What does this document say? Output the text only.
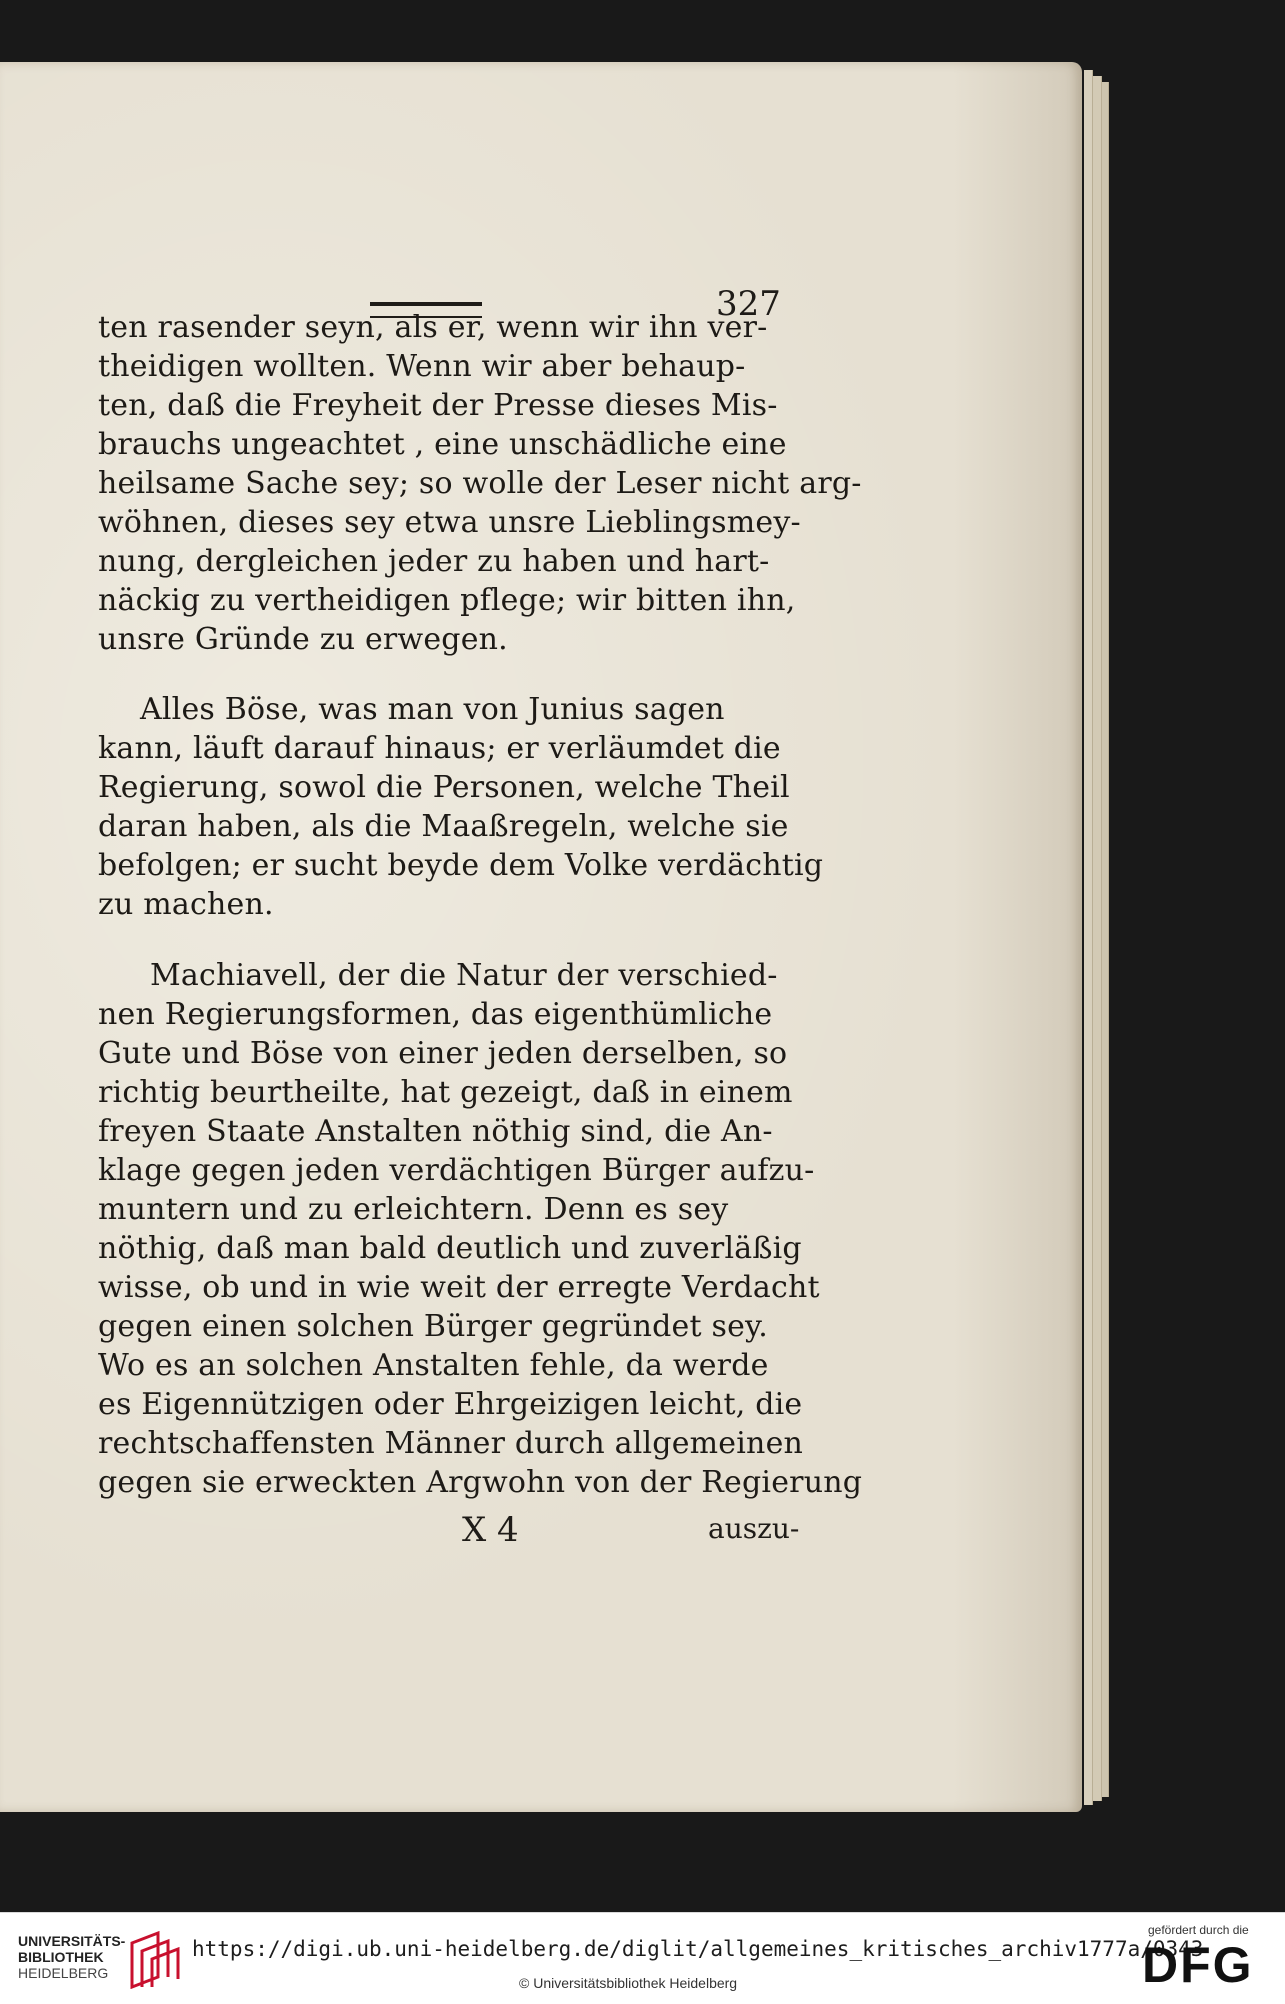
327
ten rasender seyn, als er, wenn wir ihn ver-
theidigen wollten. Wenn wir aber behaup-
ten, daß die Freyheit der Presse dieses Mis-
brauchs ungeachtet , eine unschädliche eine
heilsame Sache sey; so wolle der Leser nicht arg-
wöhnen, dieses sey etwa unsre Lieblingsmey-
nung, dergleichen jeder zu haben und hart-
näckig zu vertheidigen pflege; wir bitten ihn,
unsre Gründe zu erwegen.
Alles Böse, was man von Junius sagen
kann, läuft darauf hinaus; er verläumdet die
Regierung, sowol die Personen, welche Theil
daran haben, als die Maaßregeln, welche sie
befolgen; er sucht beyde dem Volke verdächtig
zu machen.
Machiavell, der die Natur der verschied-
nen Regierungsformen, das eigenthümliche
Gute und Böse von einer jeden derselben, so
richtig beurtheilte, hat gezeigt, daß in einem
freyen Staate Anstalten nöthig sind, die An-
klage gegen jeden verdächtigen Bürger aufzu-
muntern und zu erleichtern. Denn es sey
nöthig, daß man bald deutlich und zuverläßig
wisse, ob und in wie weit der erregte Verdacht
gegen einen solchen Bürger gegründet sey.
Wo es an solchen Anstalten fehle, da werde
es Eigennützigen oder Ehrgeizigen leicht, die
rechtschaffensten Männer durch allgemeinen
gegen sie erweckten Argwohn von der Regierung
X 4	auszu-
UNIVERSITÄTS-
BIBLIOTHEK
HEIDELBERG
https://digi.ub.uni-heidelberg.de/diglit/allgemeines_kritisches_archiv1777a/0343
© Universitätsbibliothek Heidelberg
gefördert durch die
DFG
